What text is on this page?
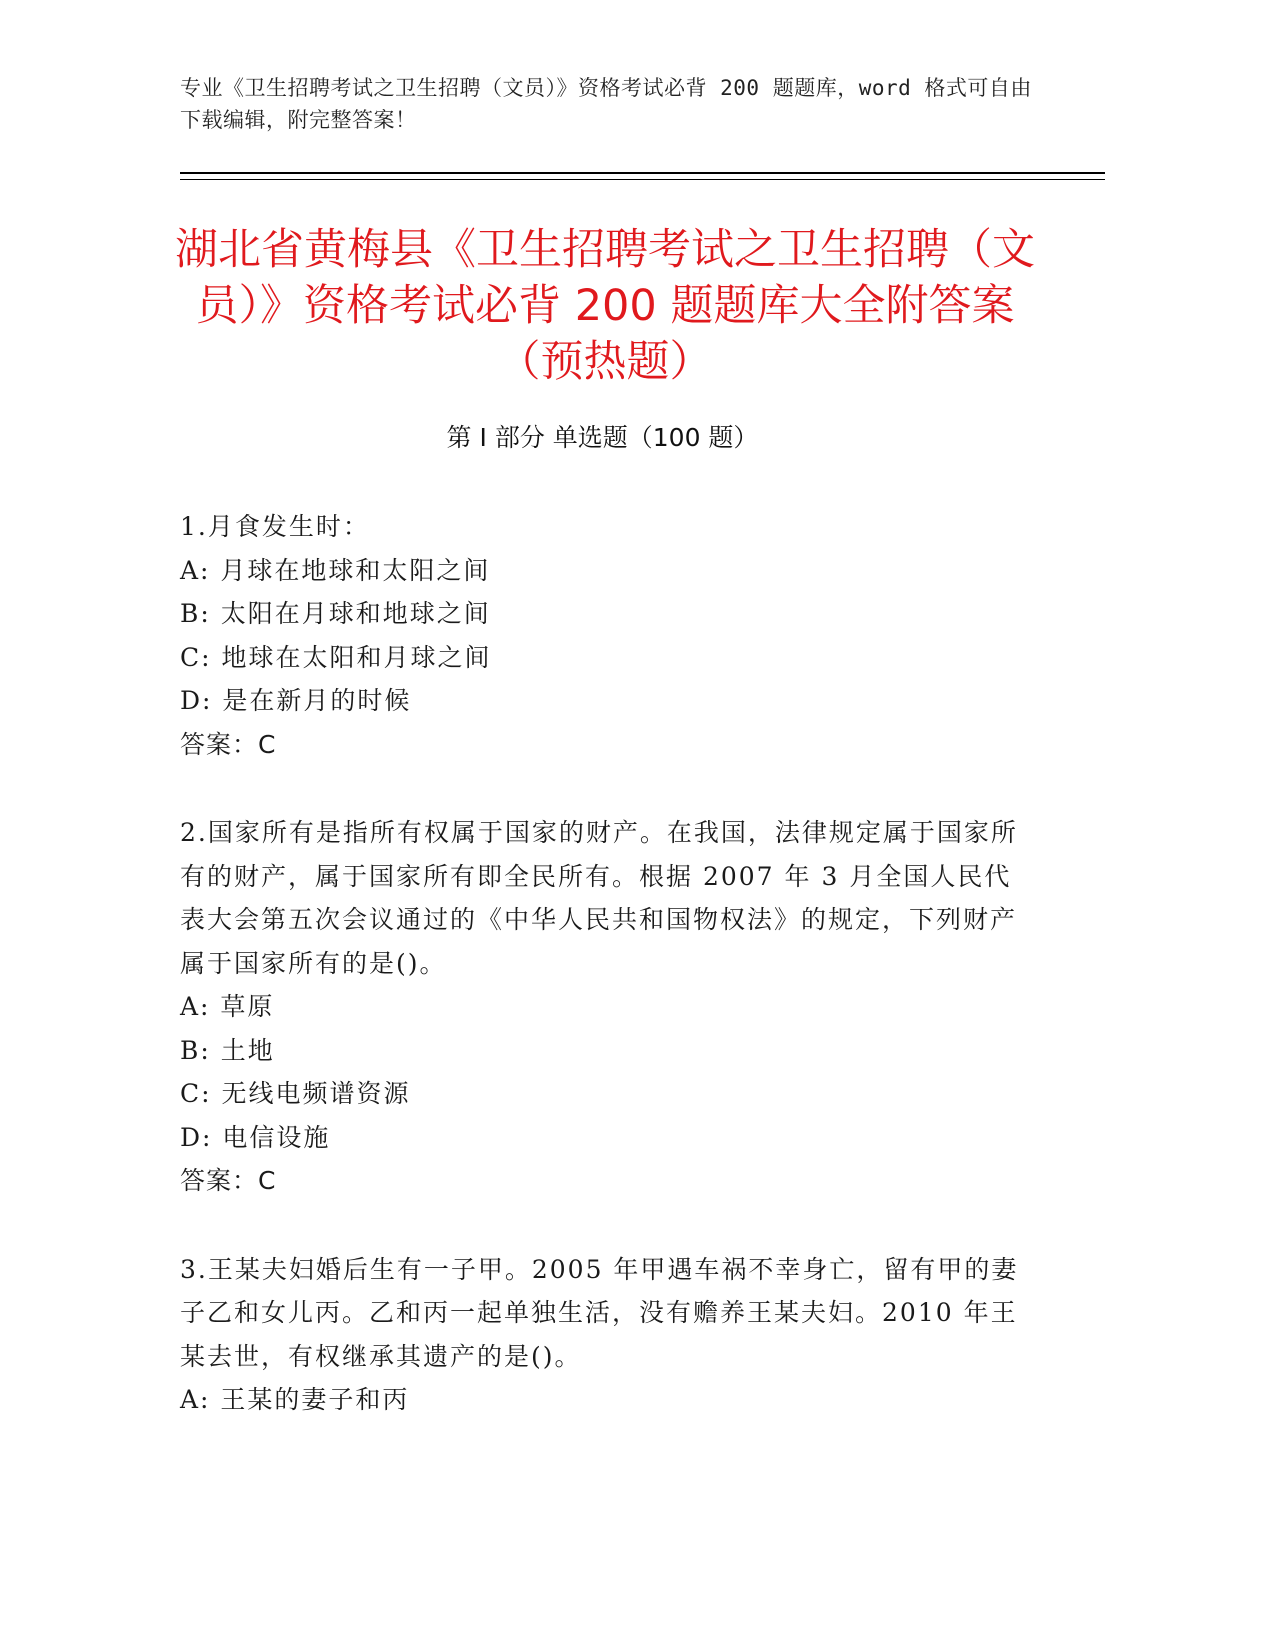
专业《卫生招聘考试之卫生招聘（文员）》资格考试必背 200 题题库，word 格式可自由下载编辑，附完整答案！
湖北省黄梅县《卫生招聘考试之卫生招聘（文员）》资格考试必背 200 题题库大全附答案（预热题）
第 I 部分 单选题（100 题）

1.月食发生时：

A: 月球在地球和太阳之间

B: 太阳在月球和地球之间

C: 地球在太阳和月球之间

D: 是在新月的时候

答案：C

2.国家所有是指所有权属于国家的财产。在我国，法律规定属于国家所有的财产，属于国家所有即全民所有。根据 2007 年 3 月全国人民代表大会第五次会议通过的《中华人民共和国物权法》的规定，下列财产属于国家所有的是()。

A: 草原

B: 土地

C: 无线电频谱资源

D: 电信设施

答案：C

3.王某夫妇婚后生有一子甲。2005 年甲遇车祸不幸身亡，留有甲的妻子乙和女儿丙。乙和丙一起单独生活，没有赡养王某夫妇。2010 年王某去世，有权继承其遗产的是()。

A: 王某的妻子和丙
